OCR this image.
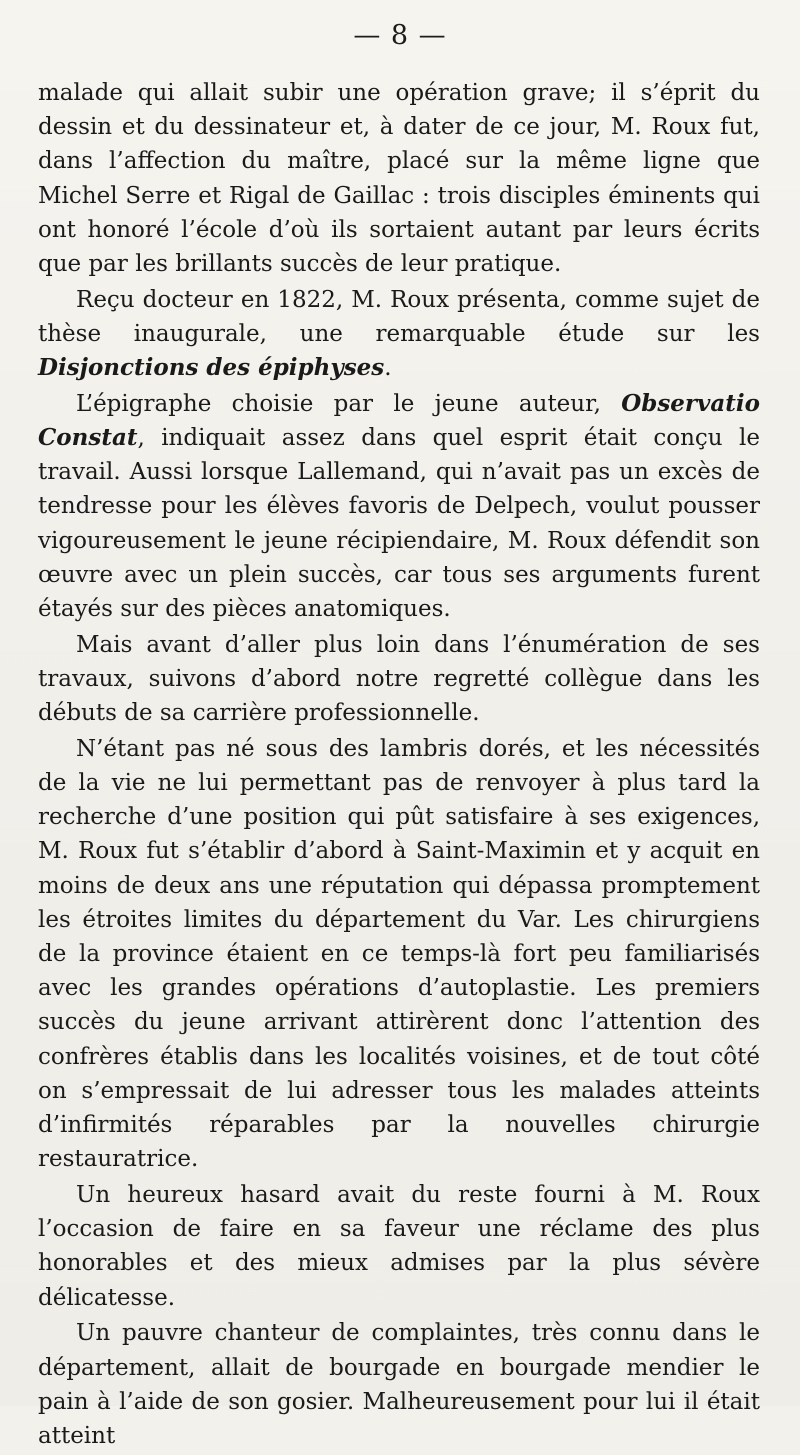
— 8 —

malade qui allait subir une opération grave; il s’éprit du dessin et du dessinateur et, à dater de ce jour, M. Roux fut, dans l’affection du maître, placé sur la même ligne que Michel Serre et Rigal de Gaillac : trois disciples éminents qui ont honoré l’école d’où ils sortaient autant par leurs écrits que par les brillants succès de leur pratique.

Reçu docteur en 1822, M. Roux présenta, comme sujet de thèse inaugurale, une remarquable étude sur les Disjonctions des épiphyses.

L’épigraphe choisie par le jeune auteur, Observatio Constat, indiquait assez dans quel esprit était conçu le travail. Aussi lorsque Lallemand, qui n’avait pas un excès de tendresse pour les élèves favoris de Delpech, voulut pousser vigoureusement le jeune récipiendaire, M. Roux défendit son œuvre avec un plein succès, car tous ses arguments furent étayés sur des pièces anatomiques.

Mais avant d’aller plus loin dans l’énumération de ses travaux, suivons d’abord notre regretté collègue dans les débuts de sa carrière professionnelle.

N’étant pas né sous des lambris dorés, et les nécessités de la vie ne lui permettant pas de renvoyer à plus tard la recherche d’une position qui pût satisfaire à ses exigences, M. Roux fut s’établir d’abord à Saint-Maximin et y acquit en moins de deux ans une réputation qui dépassa promptement les étroites limites du département du Var. Les chirurgiens de la province étaient en ce temps-là fort peu familiarisés avec les grandes opérations d’autoplastie. Les premiers succès du jeune arrivant attirèrent donc l’attention des confrères établis dans les localités voisines, et de tout côté on s’empressait de lui adresser tous les malades atteints d’infirmités réparables par la nouvelles chirurgie restauratrice.

Un heureux hasard avait du reste fourni à M. Roux l’occasion de faire en sa faveur une réclame des plus honorables et des mieux admises par la plus sévère délicatesse.

Un pauvre chanteur de complaintes, très connu dans le département, allait de bourgade en bourgade mendier le pain à l’aide de son gosier. Malheureusement pour lui il était atteint
